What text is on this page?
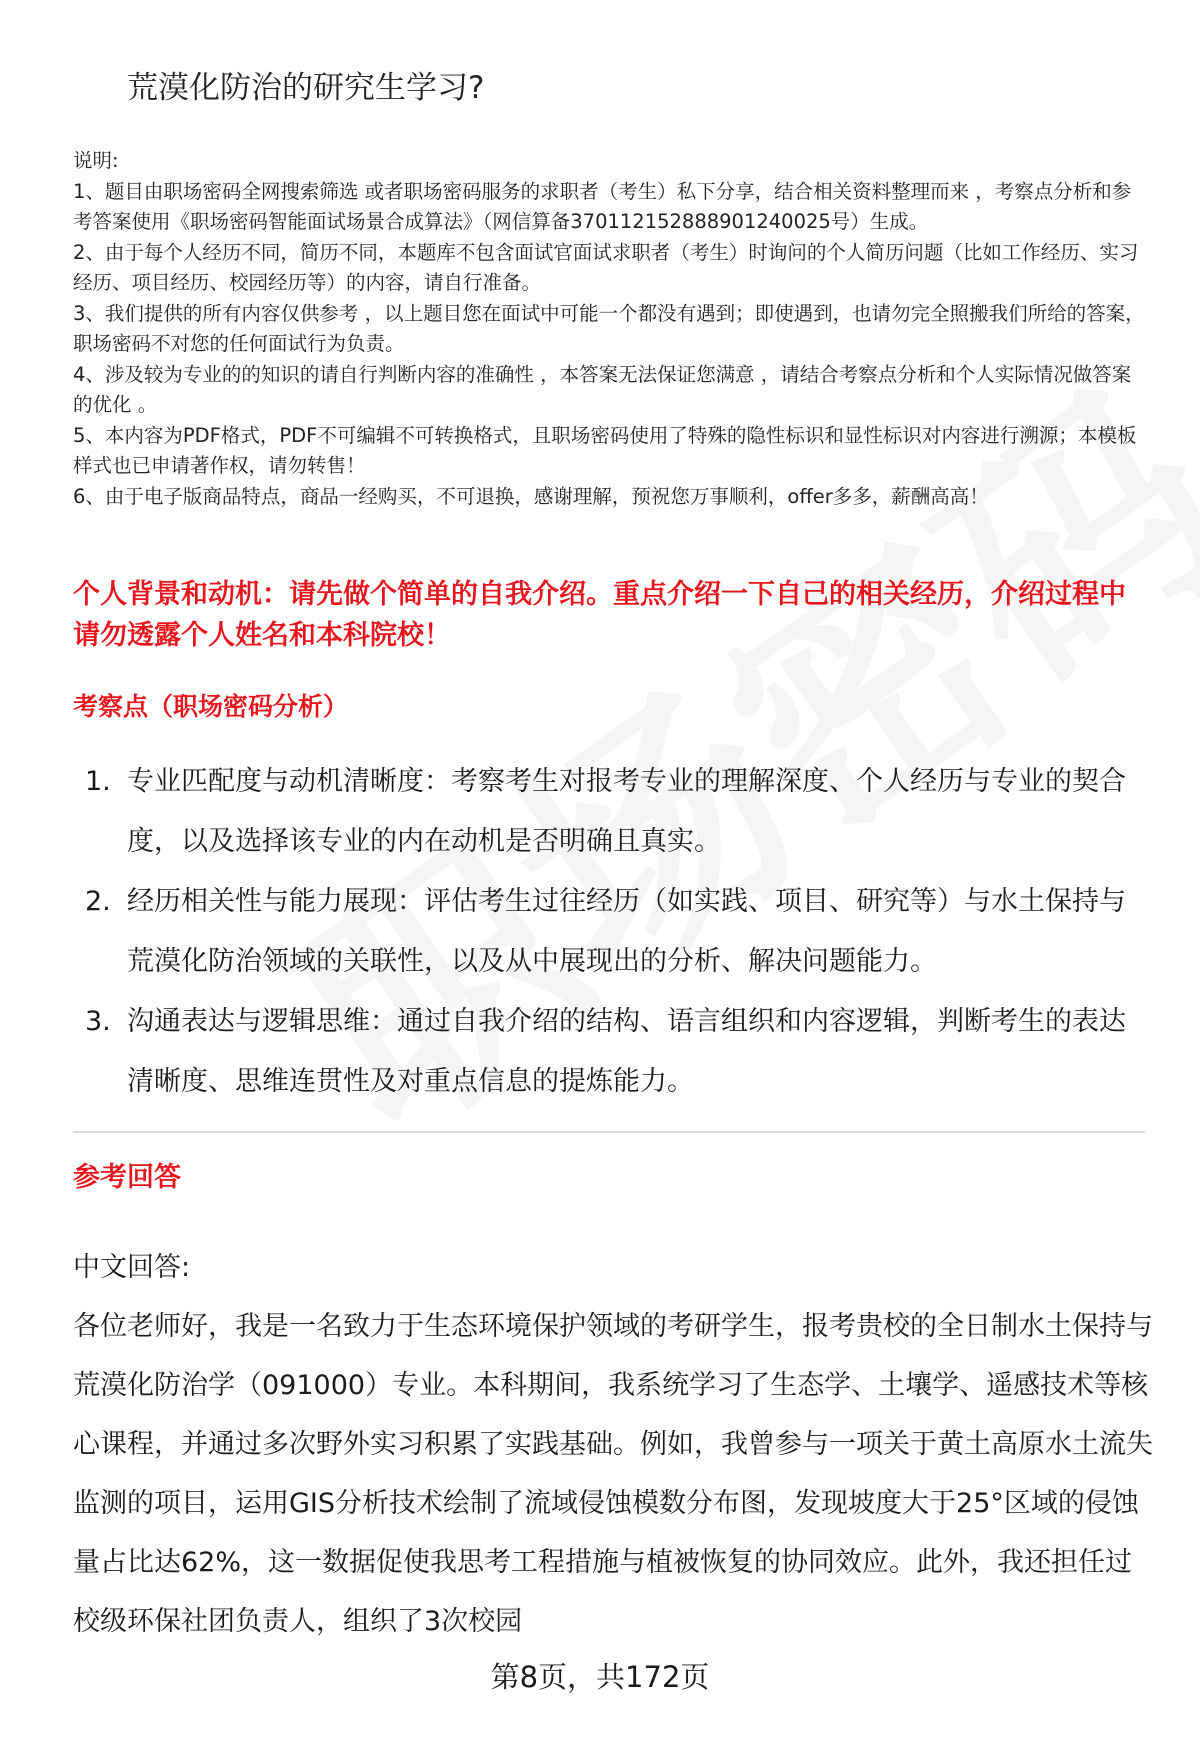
荒漠化防治的研究生学习?

说明:

1、题目由职场密码全网搜索筛选 或者职场密码服务的求职者（考生）私下分享，结合相关资料整理而来 ，考察点分析和参考答案使用《职场密码智能面试场景合成算法》（网信算备370112152888901240025号）生成。

2、由于每个人经历不同，简历不同，本题库不包含面试官面试求职者（考生）时询问的个人简历问题（比如工作经历、实习经历、项目经历、校园经历等）的内容，请自行准备。

3、我们提供的所有内容仅供参考 ，以上题目您在面试中可能一个都没有遇到；即使遇到，也请勿完全照搬我们所给的答案，职场密码不对您的任何面试行为负责。

4、涉及较为专业的的知识的请自行判断内容的准确性 ，本答案无法保证您满意 ，请结合考察点分析和个人实际情况做答案的优化 。

5、本内容为PDF格式，PDF不可编辑不可转换格式，且职场密码使用了特殊的隐性标识和显性标识对内容进行溯源；本模板样式也已申请著作权，请勿转售！

6、由于电子版商品特点，商品一经购买，不可退换，感谢理解，预祝您万事顺利，offer多多，薪酬高高！

个人背景和动机：请先做个简单的自我介绍。重点介绍一下自己的相关经历，介绍过程中请勿透露个人姓名和本科院校！
考察点（职场密码分析）
1. 专业匹配度与动机清晰度：考察考生对报考专业的理解深度、个人经历与专业的契合度，以及选择该专业的内在动机是否明确且真实。
2. 经历相关性与能力展现：评估考生过往经历（如实践、项目、研究等）与水土保持与荒漠化防治领域的关联性，以及从中展现出的分析、解决问题能力。
3. 沟通表达与逻辑思维：通过自我介绍的结构、语言组织和内容逻辑，判断考生的表达清晰度、思维连贯性及对重点信息的提炼能力。
参考回答

中文回答:

各位老师好，我是一名致力于生态环境保护领域的考研学生，报考贵校的全日制水土保持与荒漠化防治学（091000）专业。本科期间，我系统学习了生态学、土壤学、遥感技术等核心课程，并通过多次野外实习积累了实践基础。例如，我曾参与一项关于黄土高原水土流失监测的项目，运用GIS分析技术绘制了流域侵蚀模数分布图，发现坡度大于25°区域的侵蚀量占比达62%，这一数据促使我思考工程措施与植被恢复的协同效应。此外，我还担任过校级环保社团负责人，组织了3次校园

第8页，共172页
